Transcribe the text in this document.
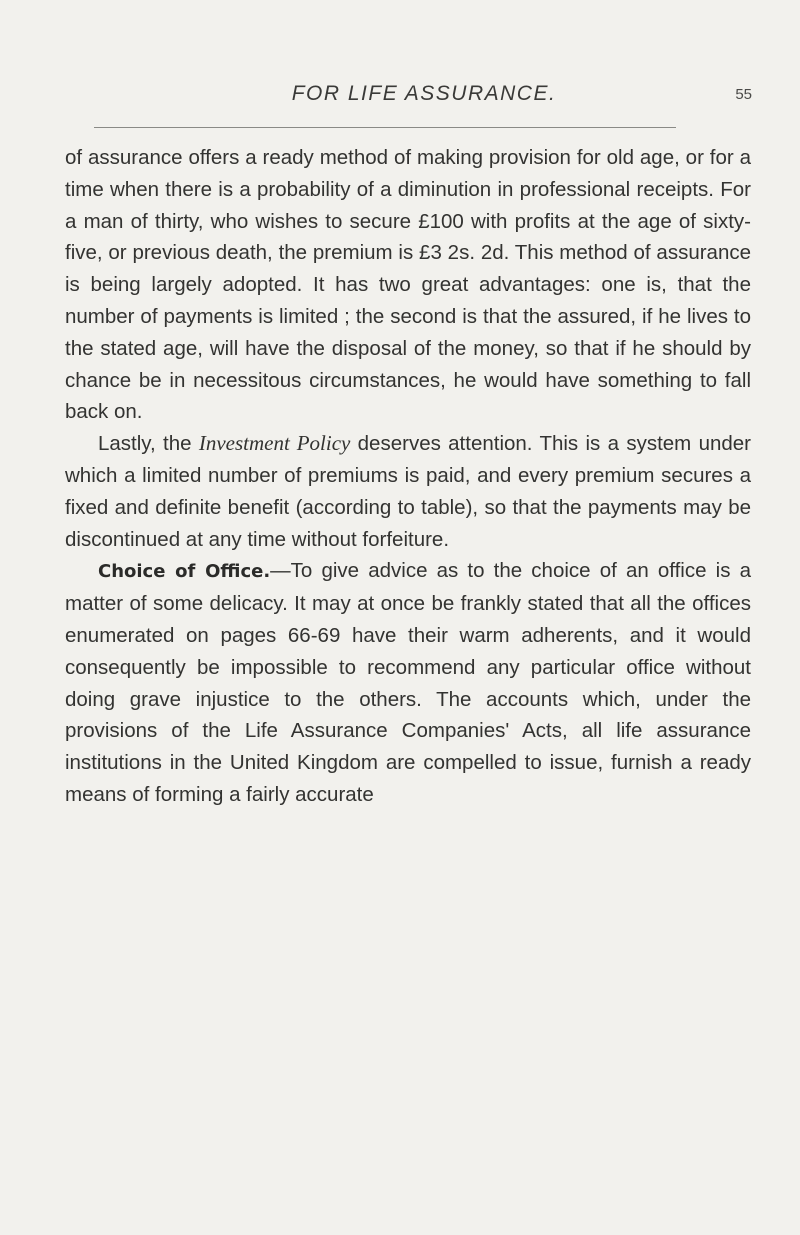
FOR LIFE ASSURANCE.	55

of assurance offers a ready method of making provision for old age, or for a time when there is a probability of a diminution in professional receipts. For a man of thirty, who wishes to secure £100 with profits at the age of sixty-five, or previous death, the premium is £3 2s. 2d. This method of assurance is being largely adopted. It has two great advantages: one is, that the number of payments is limited ; the second is that the assured, if he lives to the stated age, will have the disposal of the money, so that if he should by chance be in necessitous circumstances, he would have something to fall back on.

Lastly, the Investment Policy deserves attention. This is a system under which a limited number of premiums is paid, and every premium secures a fixed and definite benefit (according to table), so that the payments may be discontinued at any time without forfeiture.

Choice of Office.—To give advice as to the choice of an office is a matter of some delicacy. It may at once be frankly stated that all the offices enumerated on pages 66-69 have their warm adherents, and it would consequently be impossible to recommend any particular office without doing grave injustice to the others. The accounts which, under the provisions of the Life Assurance Companies' Acts, all life assurance institutions in the United Kingdom are compelled to issue, furnish a ready means of forming a fairly accurate
